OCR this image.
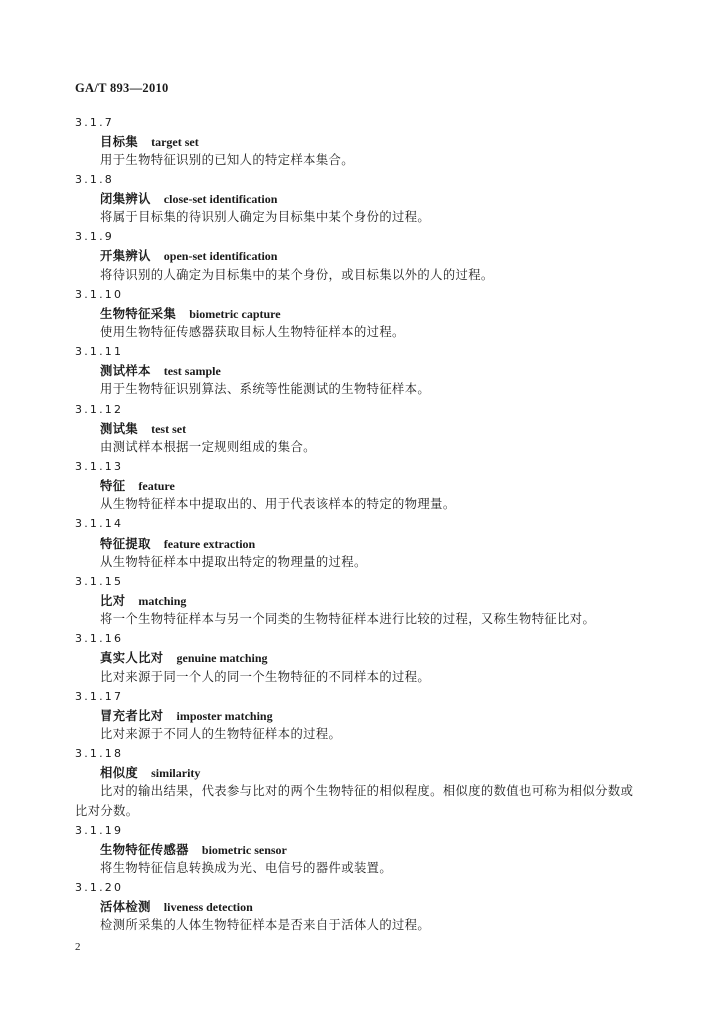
GA/T 893—2010
3.1.7
目标集 target set
用于生物特征识别的已知人的特定样本集合。
3.1.8
闭集辨认 close-set identification
将属于目标集的待识别人确定为目标集中某个身份的过程。
3.1.9
开集辨认 open-set identification
将待识别的人确定为目标集中的某个身份，或目标集以外的人的过程。
3.1.10
生物特征采集 biometric capture
使用生物特征传感器获取目标人生物特征样本的过程。
3.1.11
测试样本 test sample
用于生物特征识别算法、系统等性能测试的生物特征样本。
3.1.12
测试集 test set
由测试样本根据一定规则组成的集合。
3.1.13
特征 feature
从生物特征样本中提取出的、用于代表该样本的特定的物理量。
3.1.14
特征提取 feature extraction
从生物特征样本中提取出特定的物理量的过程。
3.1.15
比对 matching
将一个生物特征样本与另一个同类的生物特征样本进行比较的过程，又称生物特征比对。
3.1.16
真实人比对 genuine matching
比对来源于同一个人的同一个生物特征的不同样本的过程。
3.1.17
冒充者比对 imposter matching
比对来源于不同人的生物特征样本的过程。
3.1.18
相似度 similarity
比对的输出结果，代表参与比对的两个生物特征的相似程度。相似度的数值也可称为相似分数或
比对分数。
3.1.19
生物特征传感器 biometric sensor
将生物特征信息转换成为光、电信号的器件或装置。
3.1.20
活体检测 liveness detection
检测所采集的人体生物特征样本是否来自于活体人的过程。
2
